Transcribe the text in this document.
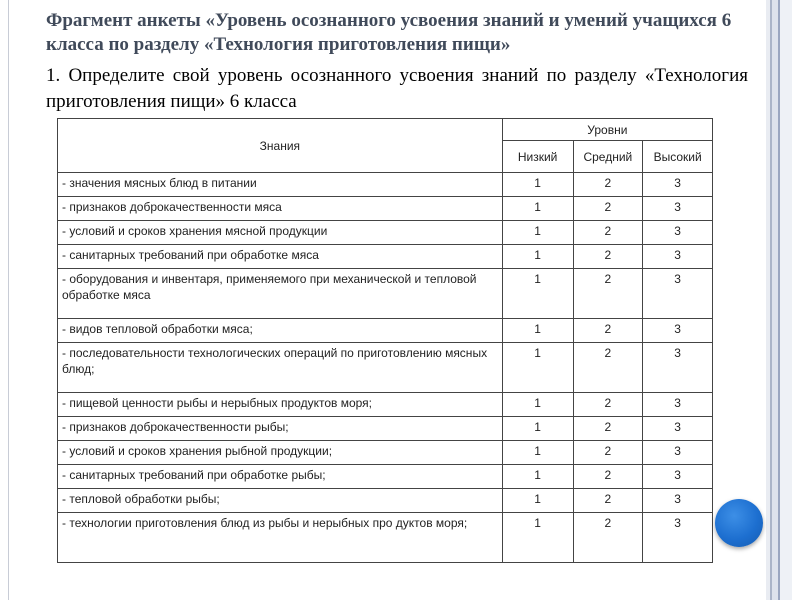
Фрагмент анкеты «Уровень осознанного усвоения знаний и умений учащихся 6 класса по разделу «Технология приготовления пищи»
1. Определите свой уровень осознанного усвоения знаний по разделу «Технология приготовления пищи» 6 класса
Знания	Уровни		
	Низкий	Средний	Высокий
- значения мясных блюд в питании	1	2	3
- признаков доброкачественности мяса	1	2	3
- условий и сроков хранения мясной продукции	1	2	3
- санитарных требований при обработке мяса	1	2	3
- оборудования и инвентаря, применяемого при механической и тепловой обработке мяса	1	2	3
- видов тепловой обработки мяса;	1	2	3
- последовательности технологических операций по приготовлению мясных блюд;	1	2	3
- пищевой ценности рыбы и нерыбных продуктов моря;	1	2	3
- признаков доброкачественности рыбы;	1	2	3
- условий и сроков хранения рыбной продукции;	1	2	3
- санитарных требований при обработке рыбы;	1	2	3
- тепловой обработки рыбы;	1	2	3
- технологии приготовления блюд из рыбы и нерыбных про дуктов моря;	1	2	3
